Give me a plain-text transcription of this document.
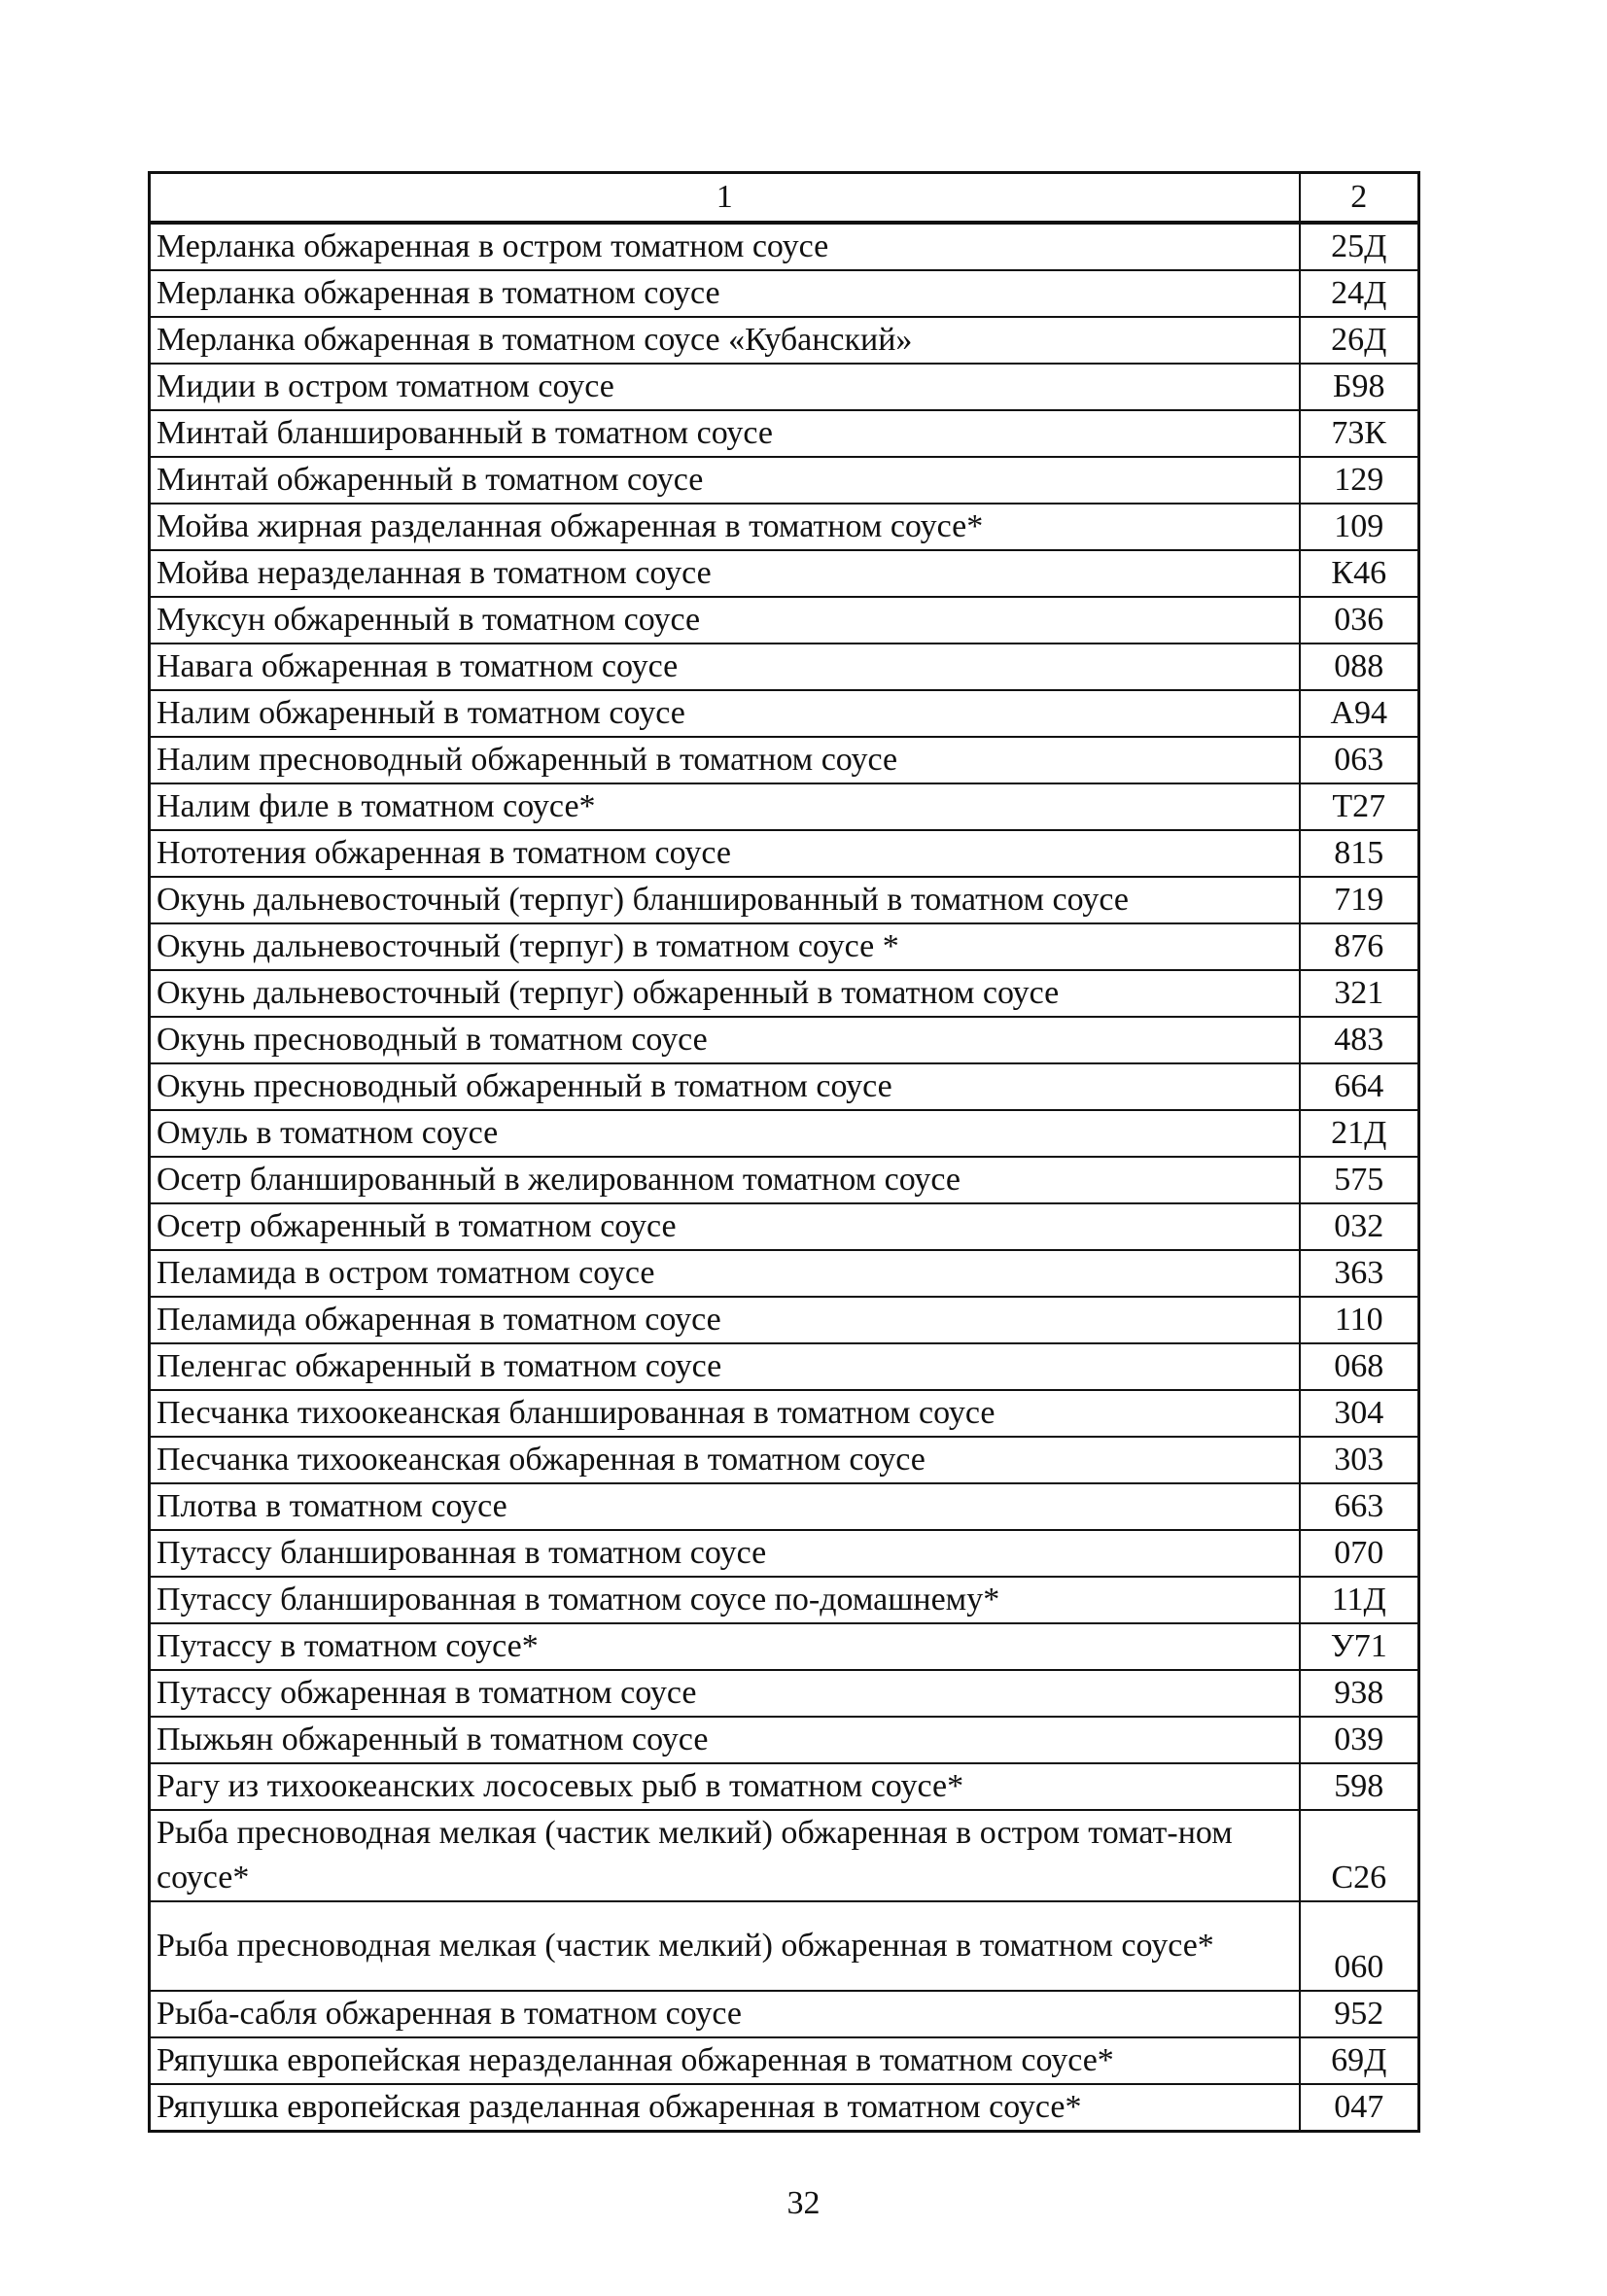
1	2
Мерланка обжаренная в остром томатном соусе	25Д
Мерланка обжаренная в томатном соусе	24Д
Мерланка обжаренная в томатном соусе «Кубанский»	26Д
Мидии в остром томатном соусе	Б98
Минтай бланшированный в томатном соусе	73К
Минтай обжаренный в томатном соусе	129
Мойва жирная разделанная обжаренная в томатном соусе*	109
Мойва неразделанная в томатном соусе	К46
Муксун обжаренный в томатном соусе	036
Навага обжаренная в томатном соусе	088
Налим обжаренный в томатном соусе	А94
Налим пресноводный обжаренный в томатном соусе	063
Налим филе в томатном соусе*	Т27
Нототения обжаренная в томатном соусе	815
Окунь дальневосточный (терпуг) бланшированный в томатном соусе	719
Окунь дальневосточный (терпуг) в томатном соусе *	876
Окунь дальневосточный (терпуг) обжаренный в томатном соусе	321
Окунь пресноводный в томатном соусе	483
Окунь пресноводный обжаренный в томатном соусе	664
Омуль в томатном соусе	21Д
Осетр бланшированный в желированном томатном соусе	575
Осетр обжаренный в томатном соусе	032
Пеламида в остром томатном соусе	363
Пеламида обжаренная в томатном соусе	110
Пеленгас обжаренный в томатном соусе	068
Песчанка тихоокеанская бланшированная в томатном соусе	304
Песчанка тихоокеанская обжаренная в томатном соусе	303
Плотва в томатном соусе	663
Путассу бланшированная в томатном соусе	070
Путассу бланшированная в томатном соусе по-домашнему*	11Д
Путассу в томатном соусе*	У71
Путассу обжаренная в томатном соусе	938
Пыжьян обжаренный в томатном соусе	039
Рагу из тихоокеанских лососевых рыб в томатном соусе*	598
Рыба пресноводная мелкая (частик мелкий) обжаренная в остром томат-ном соусе*	С26
Рыба пресноводная мелкая (частик мелкий) обжаренная в томатном соусе*	060
Рыба-сабля обжаренная в томатном соусе	952
Ряпушка европейская неразделанная обжаренная в томатном соусе*	69Д
Ряпушка европейская разделанная обжаренная в томатном соусе*	047
32
